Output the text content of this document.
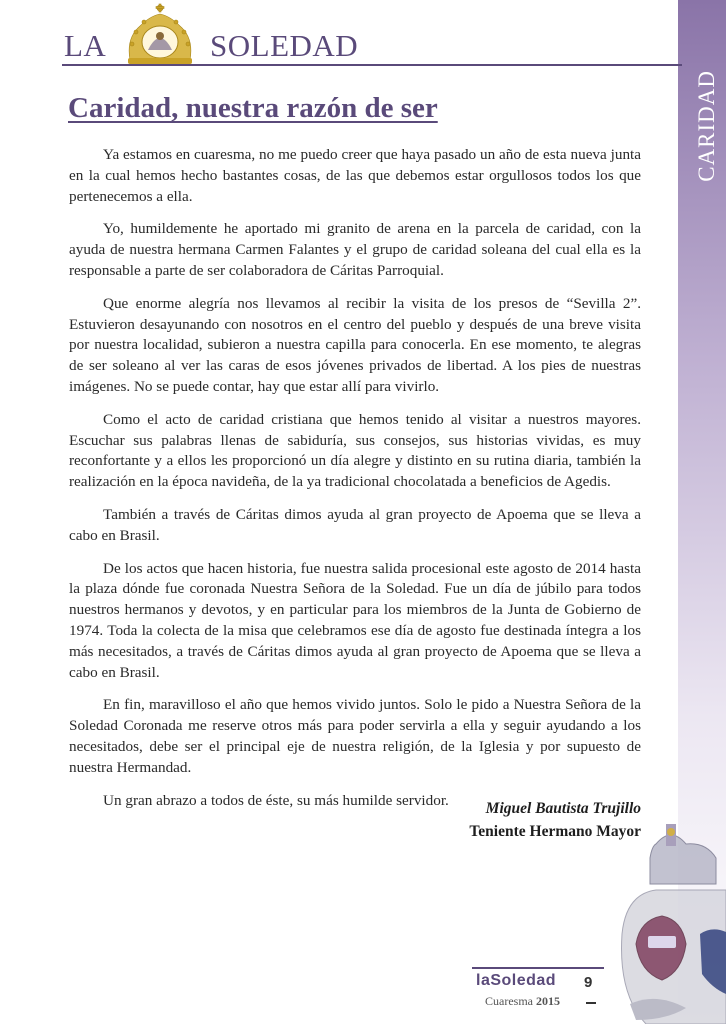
CARIDAD
LA	SOLEDAD
Caridad, nuestra razón de ser

Ya estamos en cuaresma, no me puedo creer que haya pasado un año de esta nueva junta en la cual hemos hecho bastantes cosas, de las que debemos estar orgullosos todos los que pertenecemos a ella.

Yo, humildemente he aportado mi granito de arena en la parcela de caridad, con la ayuda de nuestra hermana Carmen Falantes y el grupo de caridad soleana del cual ella es la responsable a parte de ser colaboradora de Cáritas Parroquial.

Que enorme alegría nos llevamos al recibir la visita de los presos de “Sevilla 2”. Estuvieron desayunando con nosotros en el centro del pueblo y después de una breve visita por nuestra localidad, subieron a nuestra capilla para conocerla. En ese momento, te alegras de ser soleano al ver las caras de esos jóvenes privados de libertad. A los pies de nuestras imágenes. No se puede contar, hay que estar allí para vivirlo.

Como el acto de caridad cristiana que hemos tenido al visitar a nuestros mayores. Escuchar sus palabras llenas de sabiduría, sus consejos, sus historias vividas, es muy reconfortante y a ellos les proporcionó un día alegre y distinto en su rutina diaria, también la realización en la época navideña, de la ya tradicional chocolatada a beneficios de Agedis.

También a través de Cáritas dimos ayuda al gran proyecto de Apoema que se lleva a cabo en Brasil.

De los actos que hacen historia, fue nuestra salida procesional este agosto de 2014 hasta la plaza dónde fue coronada Nuestra Señora de la Soledad. Fue un día de júbilo para todos nuestros hermanos y devotos, y en particular para los miembros de la Junta de Gobierno de 1974. Toda la colecta de la misa que celebramos ese día de agosto fue destinada íntegra a los más necesitados, a través de Cáritas dimos ayuda al gran proyecto de Apoema que se lleva a cabo en Brasil.

En fin, maravilloso el año que hemos vivido juntos. Solo le pido a Nuestra Señora de la Soledad Coronada me reserve otros más para poder servirla a ella y seguir ayudando a los necesitados, debe ser el principal eje de nuestra religión, de la Iglesia y por supuesto de nuestra Hermandad.

Un gran abrazo a todos de éste, su más humilde servidor.	Miguel Bautista Trujillo
Teniente Hermano Mayor
laSoledad
Cuaresma 2015
9
